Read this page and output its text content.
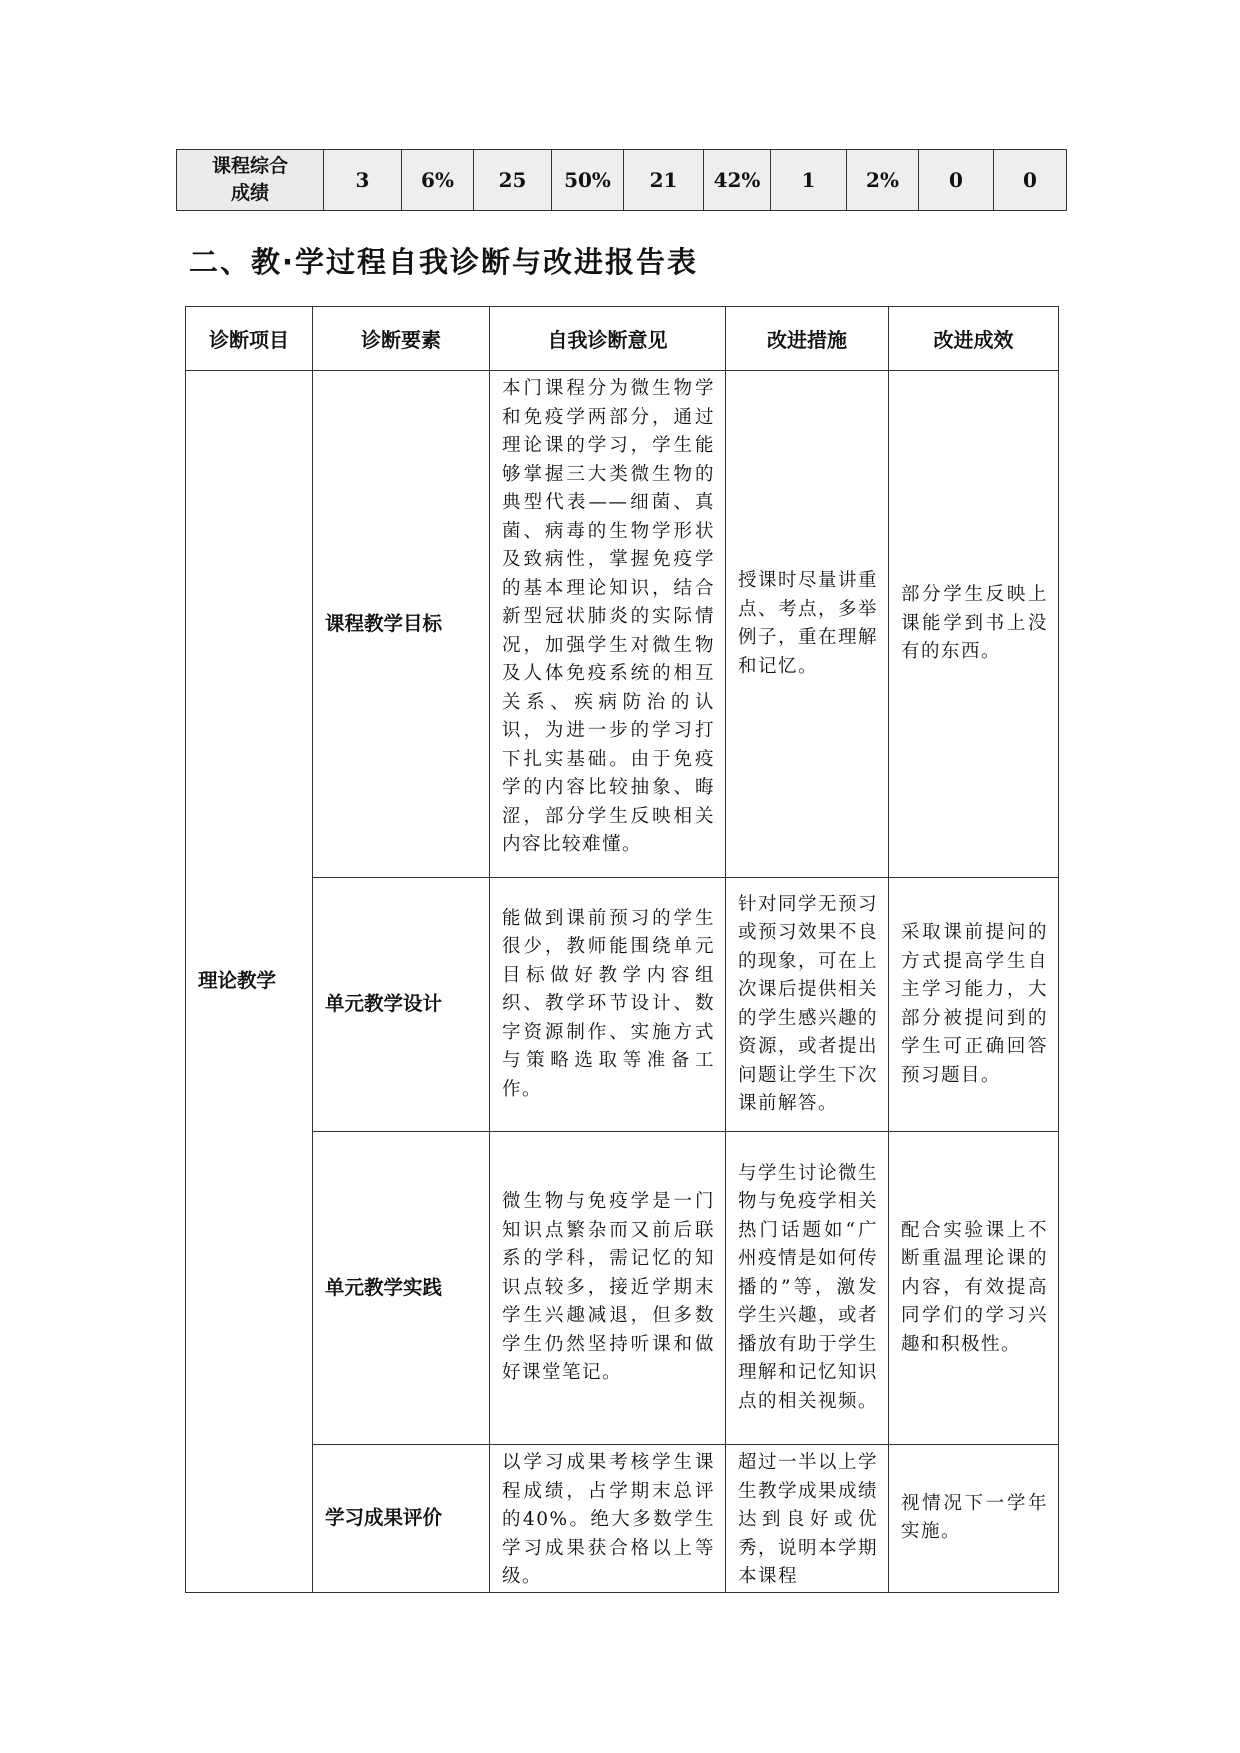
课程综合
成绩	3	6%	25	50%	21	42%	1	2%	0	0
二、教·学过程自我诊断与改进报告表
诊断项目	诊断要素	自我诊断意见	改进措施	改进成效
理论教学	课程教学目标	本门课程分为微生物学和免疫学两部分，通过理论课的学习，学生能够掌握三大类微生物的典型代表——细菌、真菌、病毒的生物学形状及致病性，掌握免疫学的基本理论知识，结合新型冠状肺炎的实际情况，加强学生对微生物及人体免疫系统的相互关系、疾病防治的认识，为进一步的学习打下扎实基础。由于免疫学的内容比较抽象、晦涩，部分学生反映相关内容比较难懂。	授课时尽量讲重点、考点，多举例子，重在理解和记忆。	部分学生反映上课能学到书上没有的东西。
	单元教学设计	能做到课前预习的学生很少，教师能围绕单元目标做好教学内容组织、教学环节设计、数字资源制作、实施方式与策略选取等准备工作。	针对同学无预习或预习效果不良的现象，可在上次课后提供相关的学生感兴趣的资源，或者提出问题让学生下次课前解答。	采取课前提问的方式提高学生自主学习能力，大部分被提问到的学生可正确回答预习题目。
	单元教学实践	微生物与免疫学是一门知识点繁杂而又前后联系的学科，需记忆的知识点较多，接近学期末学生兴趣减退，但多数学生仍然坚持听课和做好课堂笔记。	与学生讨论微生物与免疫学相关热门话题如“广州疫情是如何传播的”等，激发学生兴趣，或者播放有助于学生理解和记忆知识点的相关视频。	配合实验课上不断重温理论课的内容，有效提高同学们的学习兴趣和积极性。
	学习成果评价	以学习成果考核学生课程成绩，占学期末总评的40%。绝大多数学生学习成果获合格以上等级。	超过一半以上学生教学成果成绩达到良好或优秀，说明本学期本课程	视情况下一学年实施。
